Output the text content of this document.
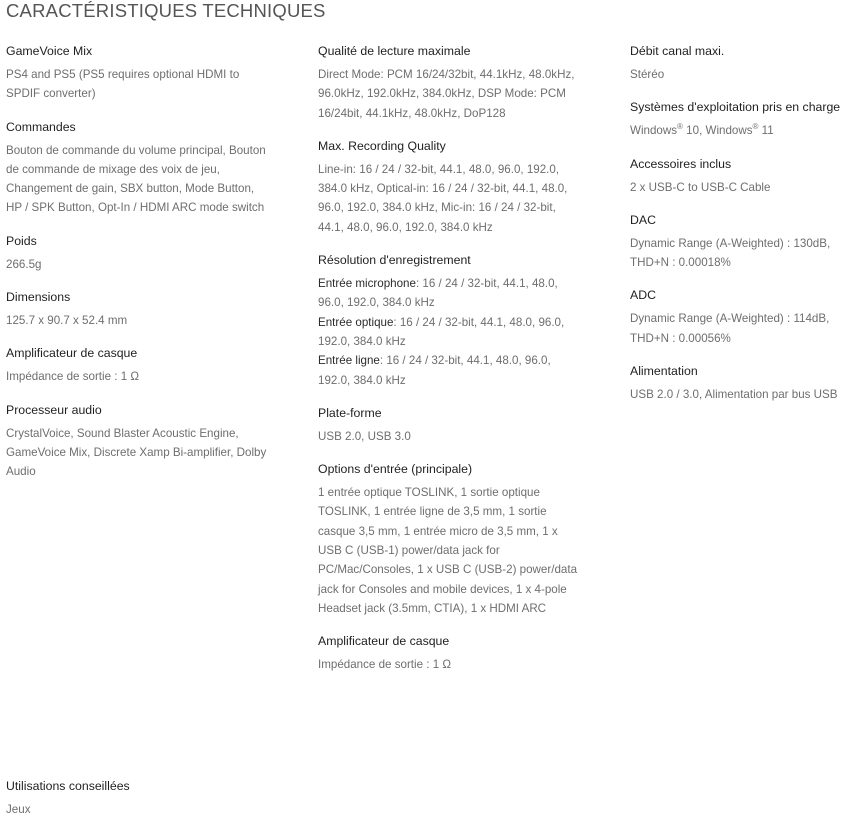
CARACTÉRISTIQUES TECHNIQUES

GameVoice Mix

PS4 and PS5 (PS5 requires optional HDMI to SPDIF converter)

Commandes

Bouton de commande du volume principal, Bouton de commande de mixage des voix de jeu, Changement de gain, SBX button, Mode Button, HP / SPK Button, Opt-In / HDMI ARC mode switch

Poids

266.5g

Dimensions

125.7 x 90.7 x 52.4 mm

Amplificateur de casque

Impédance de sortie : 1 Ω

Processeur audio

CrystalVoice, Sound Blaster Acoustic Engine, GameVoice Mix, Discrete Xamp Bi-amplifier, Dolby Audio

Qualité de lecture maximale

Direct Mode: PCM 16/24/32bit, 44.1kHz, 48.0kHz, 96.0kHz, 192.0kHz, 384.0kHz, DSP Mode: PCM 16/24bit, 44.1kHz, 48.0kHz, DoP128

Max. Recording Quality

Line-in: 16 / 24 / 32-bit, 44.1, 48.0, 96.0, 192.0, 384.0 kHz, Optical-in: 16 / 24 / 32-bit, 44.1, 48.0, 96.0, 192.0, 384.0 kHz, Mic-in: 16 / 24 / 32-bit, 44.1, 48.0, 96.0, 192.0, 384.0 kHz

Résolution d'enregistrement

Entrée microphone: 16 / 24 / 32-bit, 44.1, 48.0, 96.0, 192.0, 384.0 kHz
Entrée optique: 16 / 24 / 32-bit, 44.1, 48.0, 96.0, 192.0, 384.0 kHz
Entrée ligne: 16 / 24 / 32-bit, 44.1, 48.0, 96.0, 192.0, 384.0 kHz

Plate-forme

USB 2.0, USB 3.0

Options d'entrée (principale)

1 entrée optique TOSLINK, 1 sortie optique TOSLINK, 1 entrée ligne de 3,5 mm, 1 sortie casque 3,5 mm, 1 entrée micro de 3,5 mm, 1 x USB C (USB-1) power/data jack for PC/Mac/Consoles, 1 x USB C (USB-2) power/data jack for Consoles and mobile devices, 1 x 4-pole Headset jack (3.5mm, CTIA), 1 x HDMI ARC

Amplificateur de casque

Impédance de sortie : 1 Ω

Débit canal maxi.

Stéréo

Systèmes d'exploitation pris en charge

Windows® 10, Windows® 11

Accessoires inclus

2 x USB-C to USB-C Cable

DAC

Dynamic Range (A-Weighted) : 130dB, THD+N : 0.00018%

ADC

Dynamic Range (A-Weighted) : 114dB, THD+N : 0.00056%

Alimentation

USB 2.0 / 3.0, Alimentation par bus USB

Utilisations conseillées

Jeux
